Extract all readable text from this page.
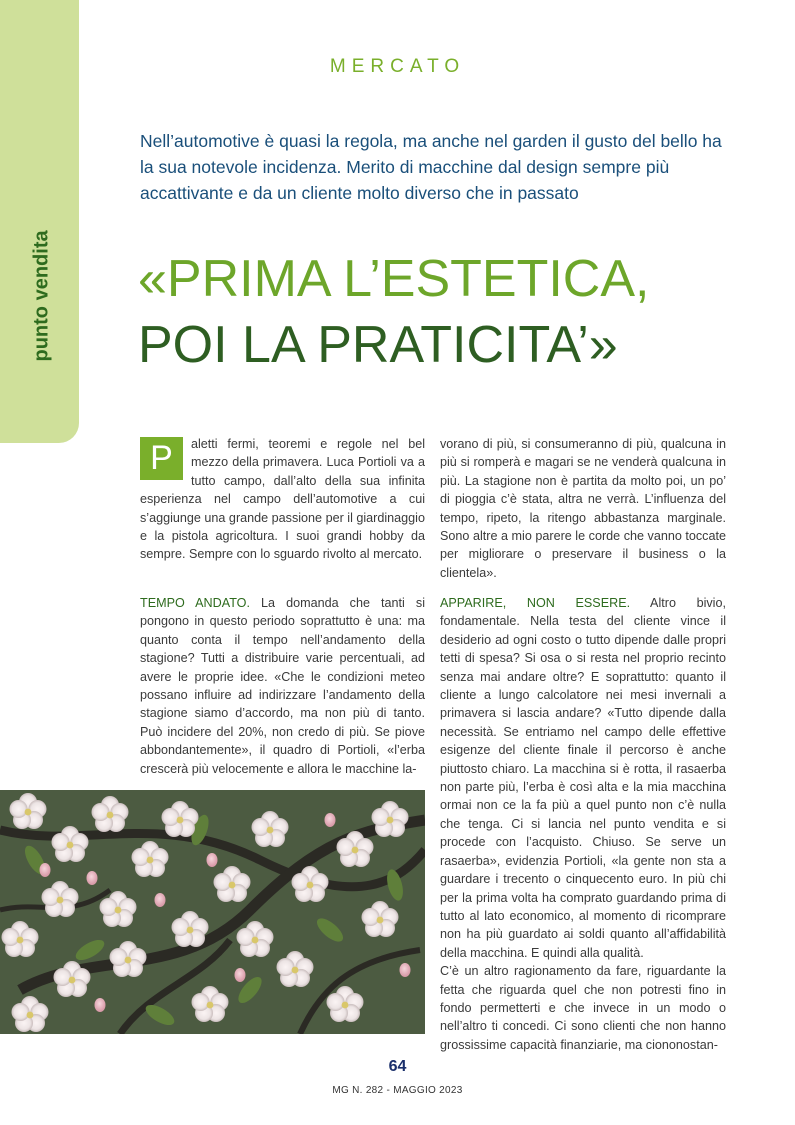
punto vendita
MERCATO
Nell’automotive è quasi la regola, ma anche nel garden il gusto del bello ha la sua notevole incidenza. Merito di macchine dal design sempre più accattivante e da un cliente molto diverso che in passato
«PRIMA L’ESTETICA,
POI LA PRATICITA’»

P	aletti fermi, teoremi e regole nel bel mezzo della primavera. Luca Portioli va a tutto campo, dall’alto della sua infinita esperienza nel campo dell’automotive a cui s’aggiunge una grande passione per il giardinaggio e la pistola agricoltura. I suoi grandi hobby da sempre. Sempre con lo sguardo rivolto al mercato.

vorano di più, si consumeranno di più, qualcuna in più si romperà e magari se ne venderà qualcuna in più. La stagione non è partita da molto poi, un po’ di pioggia c’è stata, altra ne verrà. L’influenza del tempo, ripeto, la ritengo abbastanza marginale. Sono altre a mio parere le corde che vanno toccate per migliorare o preservare il business o la clientela».

TEMPO ANDATO. La domanda che tanti si pongono in questo periodo soprattutto è una: ma quanto conta il tempo nell’andamento della stagione? Tutti a distribuire varie percentuali, ad avere le proprie idee. «Che le condizioni meteo possano influire ad indirizzare l’andamento della stagione siamo d’accordo, ma non più di tanto. Può incidere del 20%, non credo di più. Se piove abbondantemente», il quadro di Portioli, «l’erba crescerà più velocemente e allora le macchine la-

APPARIRE, NON ESSERE. Altro bivio, fondamentale. Nella testa del cliente vince il desiderio ad ogni costo o tutto dipende dalle propri tetti di spesa? Si osa o si resta nel proprio recinto senza mai andare oltre? E soprattutto: quanto il cliente a lungo calcolatore nei mesi invernali a primavera si lascia andare? «Tutto dipende dalla necessità. Se entriamo nel campo delle effettive esigenze del cliente finale il percorso è anche piuttosto chiaro. La macchina si è rotta, il rasaerba non parte più, l’erba è così alta e la mia macchina ormai non ce la fa più a quel punto non c’è nulla che tenga. Ci si lancia nel punto vendita e si procede con l’acquisto. Chiuso. Se serve un rasaerba», evidenzia Portioli, «la gente non sta a guardare i trecento o cinquecento euro. In più chi per la prima volta ha comprato guardando prima di tutto al lato economico, al momento di ricomprare non ha più guardato ai soldi quanto all’affidabilità della macchina. E quindi alla qualità.

C’è un altro ragionamento da fare, riguardante la fetta che riguarda quel che non potresti fino in fondo permetterti e che invece in un modo o nell’altro ti concedi. Ci sono clienti che non hanno grossissime capacità finanziarie, ma ciononostan-

64
MG N. 282 - MAGGIO 2023
